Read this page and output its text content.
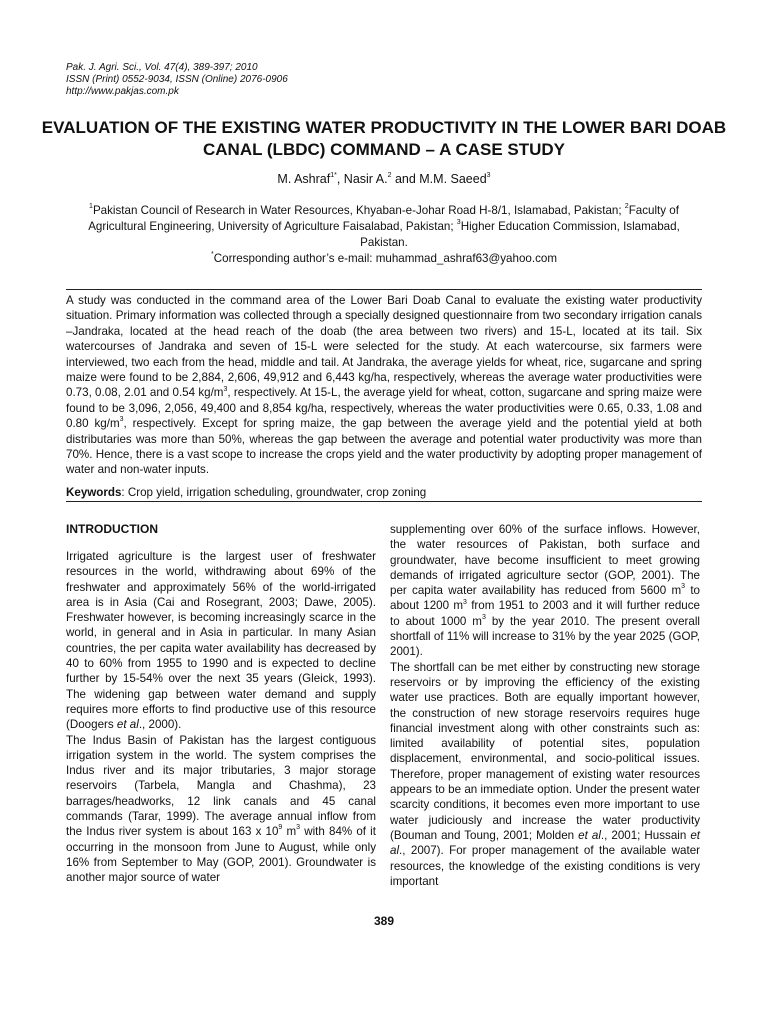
Pak. J. Agri. Sci., Vol. 47(4), 389-397; 2010
ISSN (Print) 0552-9034, ISSN (Online) 2076-0906
http://www.pakjas.com.pk
EVALUATION OF THE EXISTING WATER PRODUCTIVITY IN THE LOWER BARI DOAB CANAL (LBDC) COMMAND – A CASE STUDY
M. Ashraf$^{1*}$, Nasir A.$^2$ and M.M. Saeed$^3$
$^1$Pakistan Council of Research in Water Resources, Khyaban-e-Johar Road H-8/1, Islamabad, Pakistan; $^2$Faculty of Agricultural Engineering, University of Agriculture Faisalabad, Pakistan; $^3$Higher Education Commission, Islamabad, Pakistan.
*Corresponding author’s e-mail: muhammad_ashraf63@yahoo.com

A study was conducted in the command area of the Lower Bari Doab Canal to evaluate the existing water productivity situation. Primary information was collected through a specially designed questionnaire from two secondary irrigation canals –Jandraka, located at the head reach of the doab (the area between two rivers) and 15-L, located at its tail. Six watercourses of Jandraka and seven of 15-L were selected for the study. At each watercourse, six farmers were interviewed, two each from the head, middle and tail. At Jandraka, the average yields for wheat, rice, sugarcane and spring maize were found to be 2,884, 2,606, 49,912 and 6,443 kg/ha, respectively, whereas the average water productivities were 0.73, 0.08, 2.01 and 0.54 $kg/m^3$, respectively. At 15-L, the average yield for wheat, cotton, sugarcane and spring maize were found to be 3,096, 2,056, 49,400 and 8,854 kg/ha, respectively, whereas the water productivities were 0.65, 0.33, 1.08 and 0.80 $kg/m^3$, respectively. Except for spring maize, the gap between the average yield and the potential yield at both distributaries was more than 50%, whereas the gap between the average and potential water productivity was more than 70%. Hence, there is a vast scope to increase the crops yield and the water productivity by adopting proper management of water and non-water inputs.

Keywords: Crop yield, irrigation scheduling, groundwater, crop zoning
INTRODUCTION

Irrigated agriculture is the largest user of freshwater resources in the world, withdrawing about 69% of the freshwater and approximately 56% of the world-irrigated area is in Asia (Cai and Rosegrant, 2003; Dawe, 2005). Freshwater however, is becoming increasingly scarce in the world, in general and in Asia in particular. In many Asian countries, the per capita water availability has decreased by 40 to 60% from 1955 to 1990 and is expected to decline further by 15-54% over the next 35 years (Gleick, 1993). The widening gap between water demand and supply requires more efforts to find productive use of this resource (Doogers et al., 2000).

The Indus Basin of Pakistan has the largest contiguous irrigation system in the world. The system comprises the Indus river and its major tributaries, 3 major storage reservoirs (Tarbela, Mangla and Chashma), 23 barrages/headworks, 12 link canals and 45 canal commands (Tarar, 1999). The average annual inflow from the Indus river system is about 163 x $10^9$ $m^3$ with 84% of it occurring in the monsoon from June to August, while only 16% from September to May (GOP, 2001). Groundwater is another major source of water

supplementing over 60% of the surface inflows. However, the water resources of Pakistan, both surface and groundwater, have become insufficient to meet growing demands of irrigated agriculture sector (GOP, 2001). The per capita water availability has reduced from 5600 $m^3$ to about 1200 $m^3$ from 1951 to 2003 and it will further reduce to about 1000 $m^3$ by the year 2010. The present overall shortfall of 11% will increase to 31% by the year 2025 (GOP, 2001).

The shortfall can be met either by constructing new storage reservoirs or by improving the efficiency of the existing water use practices. Both are equally important however, the construction of new storage reservoirs requires huge financial investment along with other constraints such as: limited availability of potential sites, population displacement, environmental, and socio-political issues. Therefore, proper management of existing water resources appears to be an immediate option. Under the present water scarcity conditions, it becomes even more important to use water judiciously and increase the water productivity (Bouman and Toung, 2001; Molden et al., 2001; Hussain et al., 2007). For proper management of the available water resources, the knowledge of the existing conditions is very important

389
